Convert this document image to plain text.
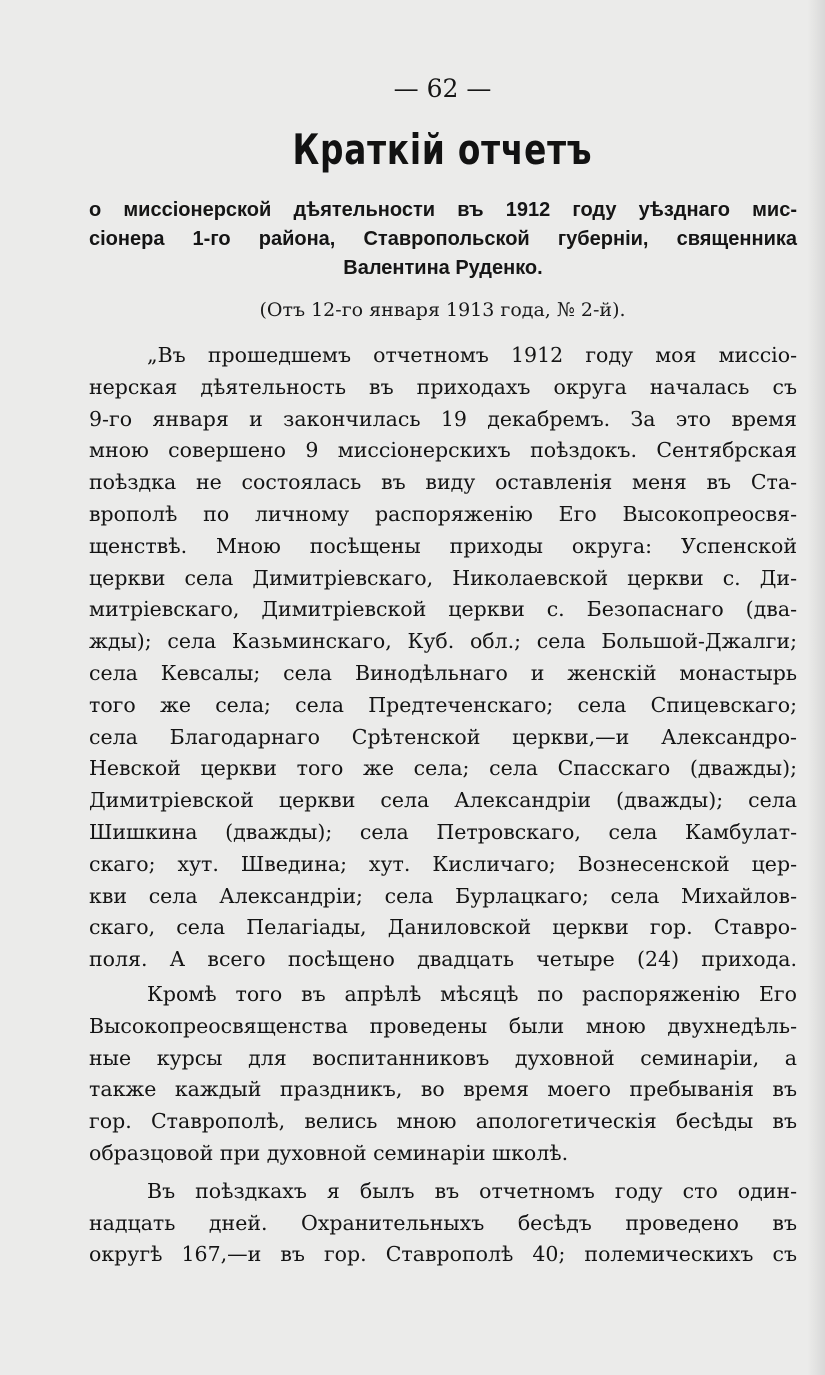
— 62 —
Краткій отчетъ
о миссіонерской дѣятельности въ 1912 году уѣзднаго мис-
сіонера 1-го района, Ставропольской губерніи, священника
Валентина Руденко.
(Отъ 12-го января 1913 года, № 2-й).
„Въ прошедшемъ отчетномъ 1912 году моя миссіо-
нерская дѣятельность въ приходахъ округа началась съ
9-го января и закончилась 19 декабремъ. За это время
мною совершено 9 миссіонерскихъ поѣздокъ. Сентябрская
поѣздка не состоялась въ виду оставленія меня въ Ста-
врополѣ по личному распоряженію Его Высокопреосвя-
щенствѣ. Мною посѣщены приходы округа: Успенской
церкви села Димитріевскаго, Николаевской церкви с. Ди-
митріевскаго, Димитріевской церкви с. Безопаснаго (два-
жды); села Казьминскаго, Куб. обл.; села Большой-Джалги;
села Кевсалы; села Винодѣльнаго и женскій монастырь
того же села; села Предтеченскаго; села Спицевскаго;
села Благодарнаго Срѣтенской церкви,—и Александро-
Невской церкви того же села; села Спасскаго (дважды);
Димитріевской церкви села Александріи (дважды); села
Шишкина (дважды); села Петровскаго, села Камбулат-
скаго; хут. Шведина; хут. Кисличаго; Вознесенской цер-
кви села Александріи; села Бурлацкаго; села Михайлов-
скаго, села Пелагіады, Даниловской церкви гор. Ставро-
поля. А всего посѣщено двадцать четыре (24) прихода.
Кромѣ того въ апрѣлѣ мѣсяцѣ по распоряженію Его
Высокопреосвященства проведены были мною двухнедѣль-
ные курсы для воспитанниковъ духовной семинаріи, а
также каждый праздникъ, во время моего пребыванія въ
гор. Ставрополѣ, велись мною апологетическія бесѣды въ
образцовой при духовной семинаріи школѣ.
Въ поѣздкахъ я былъ въ отчетномъ году сто один-
надцать дней. Охранительныхъ бесѣдъ проведено въ
округѣ 167,—и въ гор. Ставрополѣ 40; полемическихъ съ
